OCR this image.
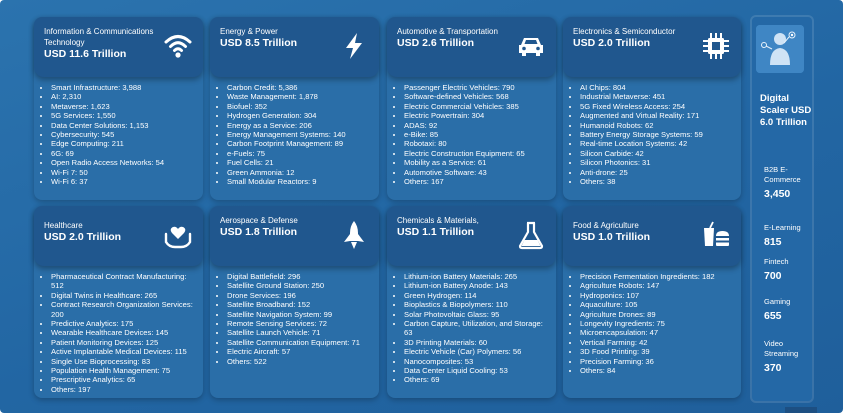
Information & Communications Technology
USD 11.6 Trillion
• Smart Infrastructure: 3,988
• AI: 2,310
• Metaverse: 1,623
• 5G Services: 1,550
• Data Center Solutions: 1,153
• Cybersecurity: 545
• Edge Computing: 211
• 6G: 69
• Open Radio Access Networks: 54
• Wi-Fi 7: 50
• Wi-Fi 6: 37
Energy & Power
USD 8.5 Trillion
• Carbon Credit: 5,386
• Waste Management: 1,878
• Biofuel: 352
• Hydrogen Generation: 304
• Energy as a Service: 206
• Energy Management Systems: 140
• Carbon Footprint Management: 89
• e-Fuels: 75
• Fuel Cells: 21
• Green Ammonia: 12
• Small Modular Reactors: 9
Automotive & Transportation
USD 2.6 Trillion
• Passenger Electric Vehicles: 790
• Software-defined Vehicles: 568
• Electric Commercial Vehicles: 385
• Electric Powertrain: 304
• ADAS: 92
• e-Bike: 85
• Robotaxi: 80
• Electric Construction Equipment: 65
• Mobility as a Service: 61
• Automotive Software: 43
• Others: 167
Electronics & Semiconductor
USD 2.0 Trillion
• AI Chips: 804
• Industrial Metaverse: 451
• 5G Fixed Wireless Access: 254
• Augmented and Virtual Reality: 171
• Humanoid Robots: 62
• Battery Energy Storage Systems: 59
• Real-time Location Systems: 42
• Silicon Carbide: 42
• Silicon Photonics: 31
• Anti-drone: 25
• Others: 38
Healthcare
USD 2.0 Trillion
• Pharmaceutical Contract Manufacturing: 512
• Digital Twins in Healthcare: 265
• Contract Research Organization Services: 200
• Predictive Analytics: 175
• Wearable Healthcare Devices: 145
• Patient Monitoring Devices: 125
• Active Implantable Medical Devices: 115
• Single Use Bioprocessing: 83
• Population Health Management: 75
• Prescriptive Analytics: 65
• Others: 197
Aerospace & Defense
USD 1.8 Trillion
• Digital Battlefield: 296
• Satellite Ground Station: 250
• Drone Services: 196
• Satellite Broadband: 152
• Satellite Navigation System: 99
• Remote Sensing Services: 72
• Satellite Launch Vehicle: 71
• Satellite Communication Equipment: 71
• Electric Aircraft: 57
• Others: 522
Chemicals & Materials,
USD 1.1 Trillion
• Lithium-ion Battery Materials: 265
• Lithium-ion Battery Anode: 143
• Green Hydrogen: 114
• Bioplastics & Biopolymers: 110
• Solar Photovoltaic Glass: 95
• Carbon Capture, Utilization, and Storage: 63
• 3D Printing Materials: 60
• Electric Vehicle (Car) Polymers: 56
• Nanocomposites: 53
• Data Center Liquid Cooling: 53
• Others: 69
Food & Agriculture
USD 1.0 Trillion
• Precision Fermentation Ingredients: 182
• Agriculture Robots: 147
• Hydroponics: 107
• Aquaculture: 105
• Agriculture Drones: 89
• Longevity Ingredients: 75
• Microencapsulation: 47
• Vertical Farming: 42
• 3D Food Printing: 39
• Precision Farming: 36
• Others: 84
Digital Scaler USD 6.0 Trillion
B2B E-Commerce
3,450
E-Learning
815
Fintech
700
Gaming
655
Video Streaming
370
